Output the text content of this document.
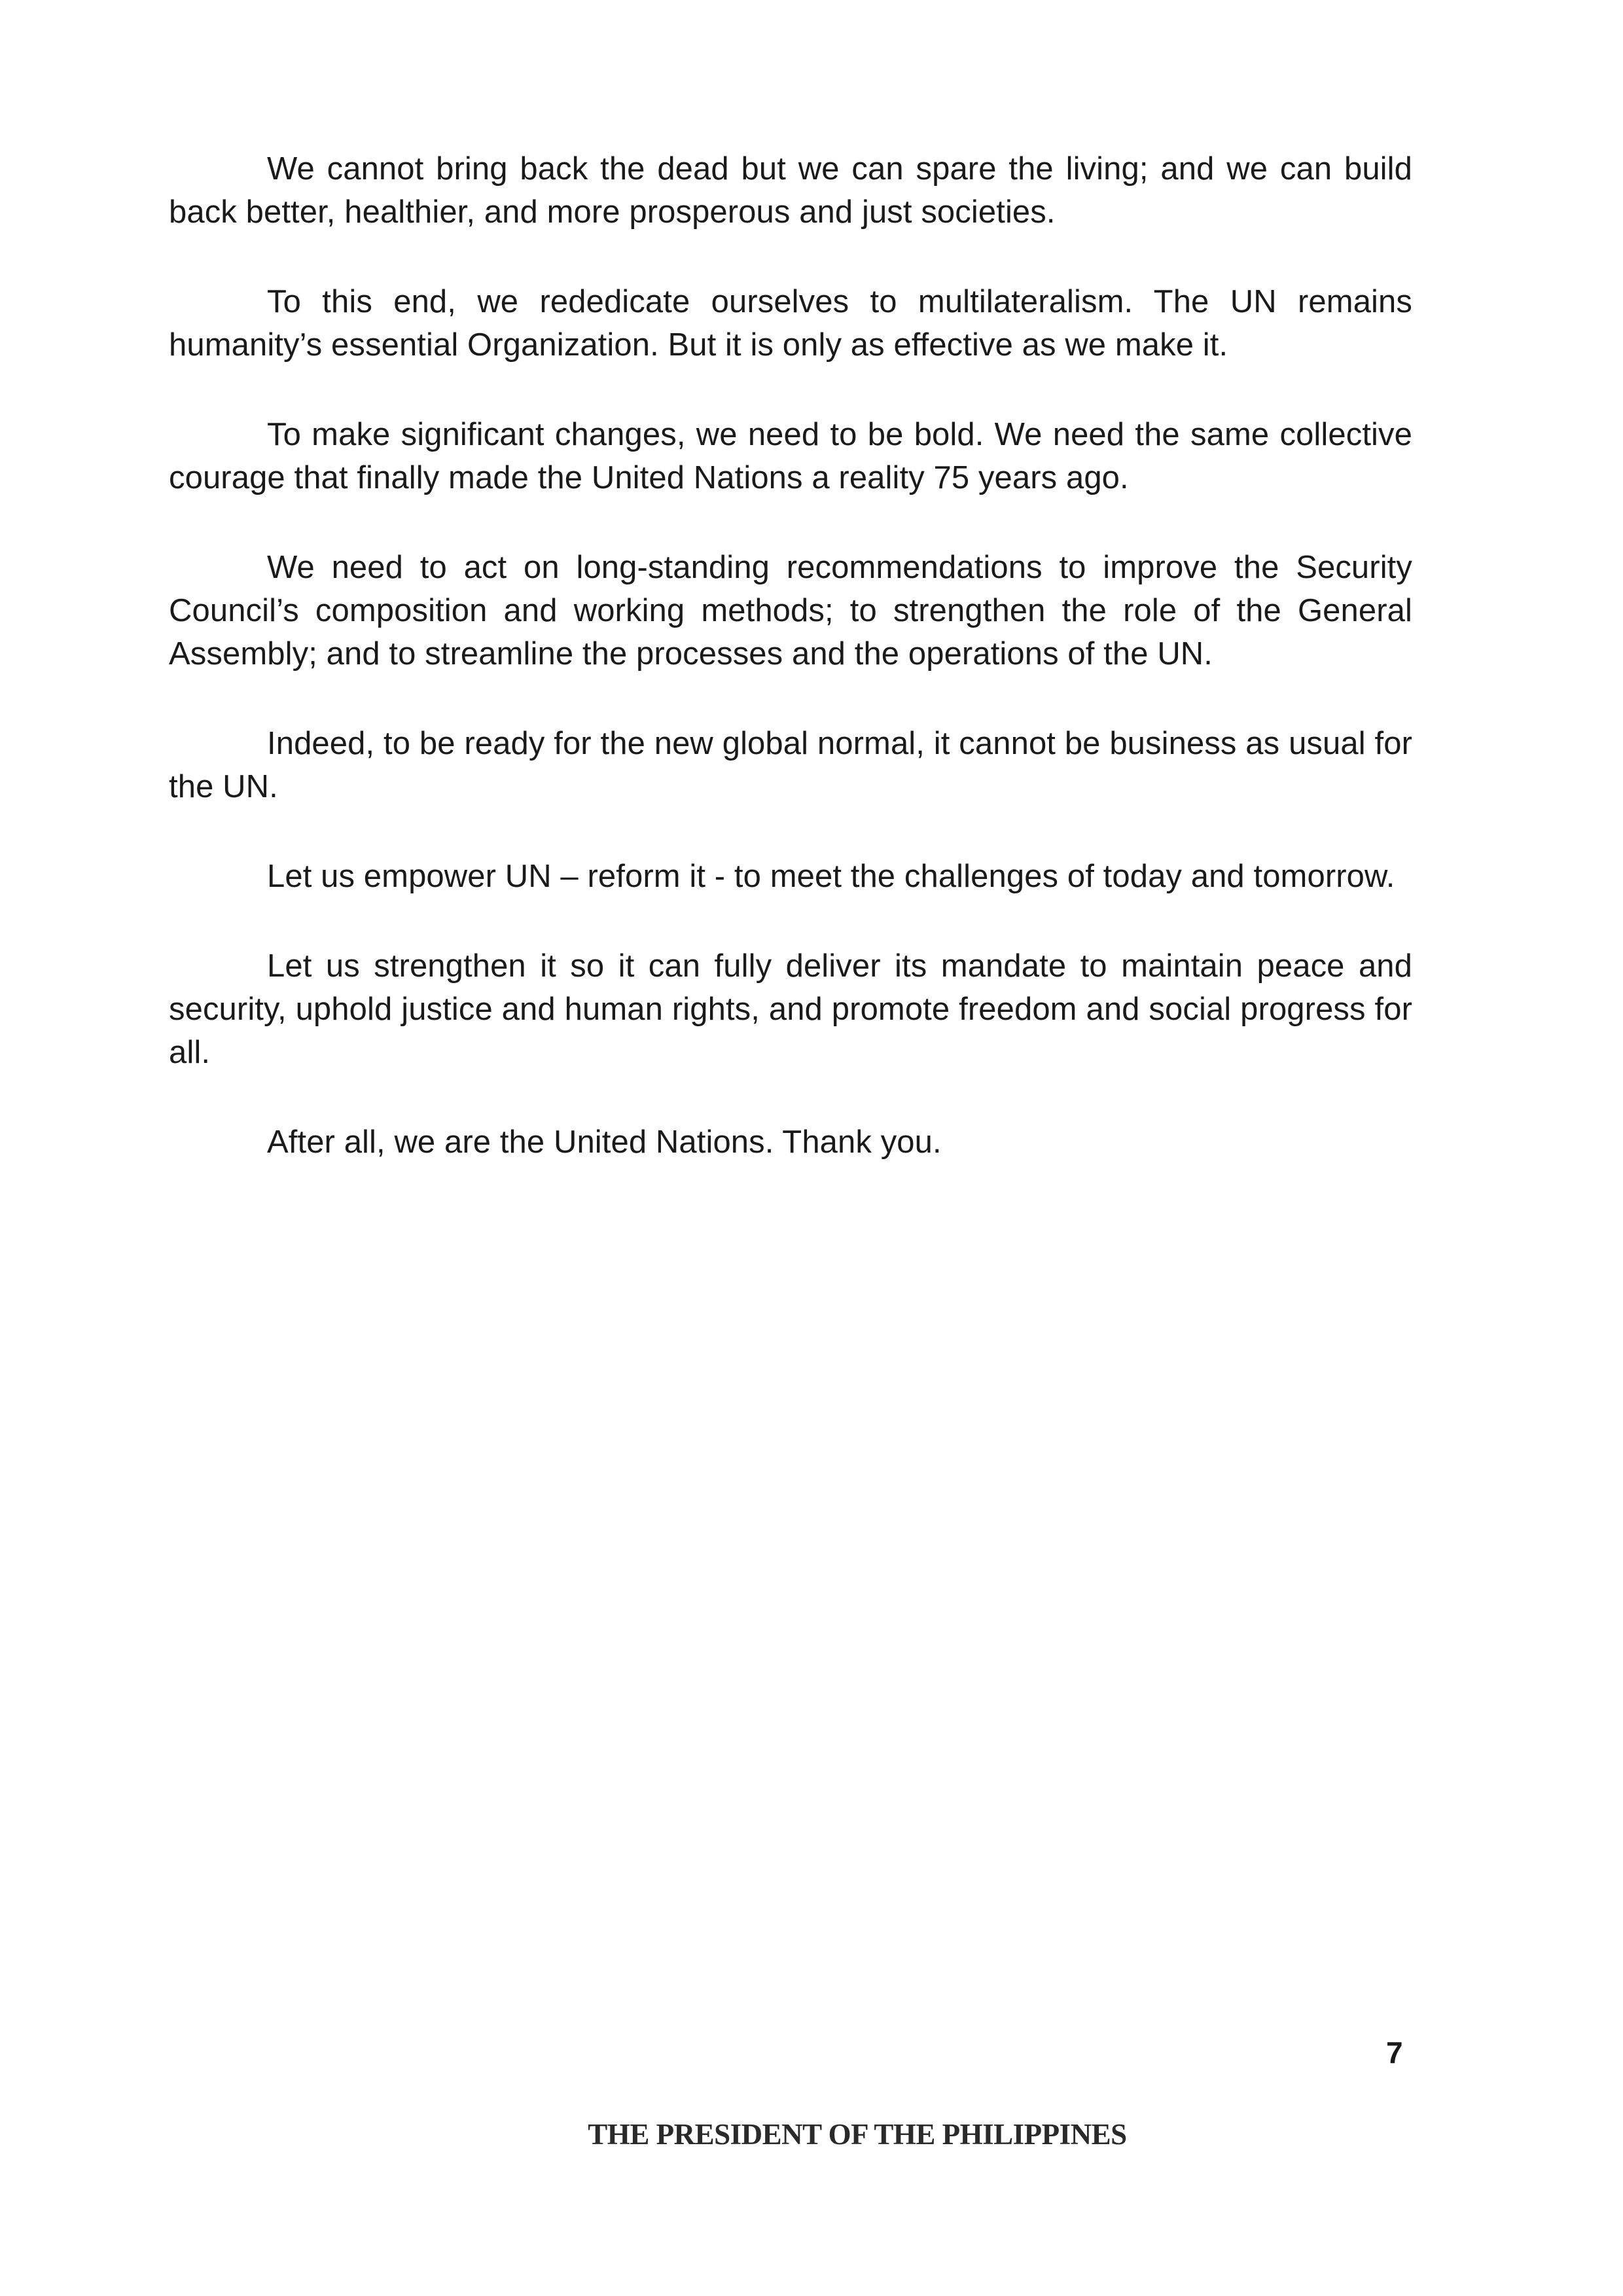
We cannot bring back the dead but we can spare the living; and we can build back better, healthier, and more prosperous and just societies.

To this end, we rededicate ourselves to multilateralism. The UN remains humanity’s essential Organization. But it is only as effective as we make it.

To make significant changes, we need to be bold. We need the same collective courage that finally made the United Nations a reality 75 years ago.

We need to act on long-standing recommendations to improve the Security Council’s composition and working methods; to strengthen the role of the General Assembly; and to streamline the processes and the operations of the UN.

Indeed, to be ready for the new global normal, it cannot be business as usual for the UN.

Let us empower UN – reform it - to meet the challenges of today and tomorrow.

Let us strengthen it so it can fully deliver its mandate to maintain peace and security, uphold justice and human rights, and promote freedom and social progress for all.

After all, we are the United Nations. Thank you.

7
THE PRESIDENT OF THE PHILIPPINES
